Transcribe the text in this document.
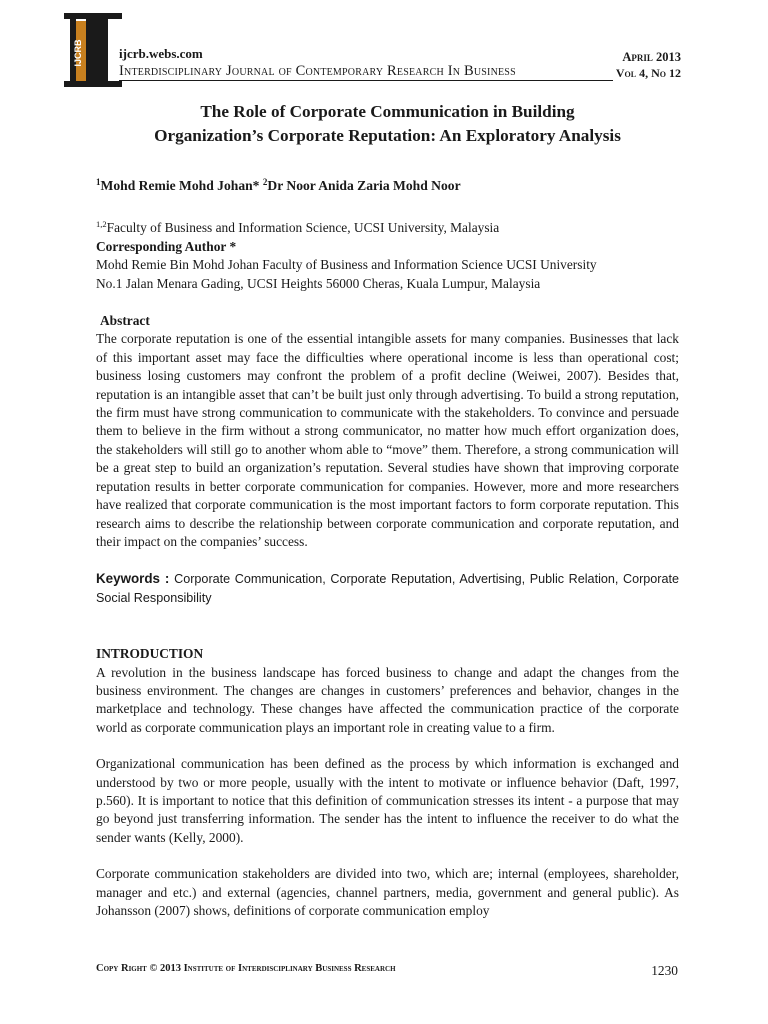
IJCRB	ijcrb.webs.com
Interdisciplinary Journal of Contemporary Research In Business
April 2013
Vol 4, No 12

The Role of Corporate Communication in Building
Organization’s Corporate Reputation: An Exploratory Analysis

$^1$Mohd Remie Mohd Johan* $^2$Dr Noor Anida Zaria Mohd Noor

$^{1,2}$Faculty of Business and Information Science, UCSI University, Malaysia

Corresponding Author *

Mohd Remie Bin Mohd Johan Faculty of Business and Information Science UCSI University

No.1 Jalan Menara Gading, UCSI Heights 56000 Cheras, Kuala Lumpur, Malaysia

Abstract

The corporate reputation is one of the essential intangible assets for many companies. Businesses that lack of this important asset may face the difficulties where operational income is less than operational cost; business losing customers may confront the problem of a profit decline (Weiwei, 2007). Besides that, reputation is an intangible asset that can’t be built just only through advertising. To build a strong reputation, the firm must have strong communication to communicate with the stakeholders. To convince and persuade them to believe in the firm without a strong communicator, no matter how much effort organization does, the stakeholders will still go to another whom able to “move” them. Therefore, a strong communication will be a great step to build an organization’s reputation. Several studies have shown that improving corporate reputation results in better corporate communication for companies. However, more and more researchers have realized that corporate communication is the most important factors to form corporate reputation. This research aims to describe the relationship between corporate communication and corporate reputation, and their impact on the companies’ success.

Keywords : Corporate Communication, Corporate Reputation, Advertising, Public Relation, Corporate Social Responsibility

INTRODUCTION

A revolution in the business landscape has forced business to change and adapt the changes from the business environment. The changes are changes in customers’ preferences and behavior, changes in the marketplace and technology. These changes have affected the communication practice of the corporate world as corporate communication plays an important role in creating value to a firm.

Organizational communication has been defined as the process by which information is exchanged and understood by two or more people, usually with the intent to motivate or influence behavior (Daft, 1997, p.560). It is important to notice that this definition of communication stresses its intent - a purpose that may go beyond just transferring information. The sender has the intent to influence the receiver to do what the sender wants (Kelly, 2000).

Corporate communication stakeholders are divided into two, which are; internal (employees, shareholder, manager and etc.) and external (agencies, channel partners, media, government and general public). As Johansson (2007) shows, definitions of corporate communication employ

Copy Right © 2013 Institute of Interdisciplinary Business Research	1230
